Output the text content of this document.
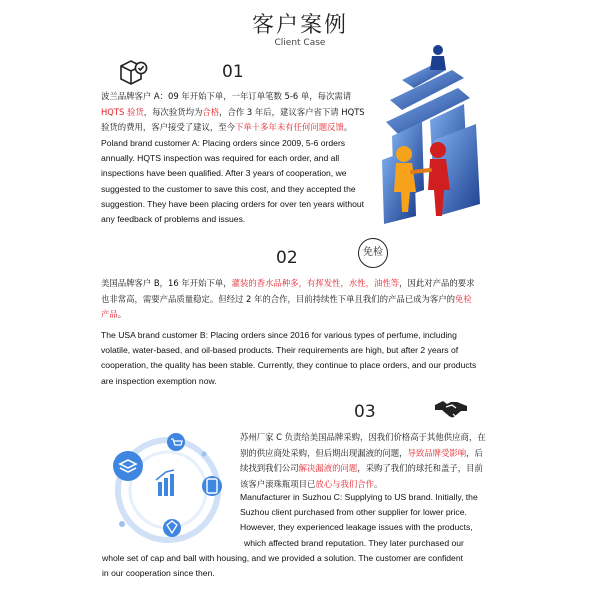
客户案例
Client Case
01
波兰品牌客户 A：09 年开始下单，一年订单笔数 5-6 单，每次需请HQTS 验货，每次验货均为合格，合作 3 年后，建议客户省下请 HQTS验货的费用，客户接受了建议，至今下单十多年未有任何问题反馈。
Poland brand customer A: Placing orders since 2009, 5-6 orders annually. HQTS inspection was required for each order, and all inspections have been qualified. After 3 years of cooperation, we suggested to the customer to save this cost, and they accepted the suggestion. They have been placing orders for over ten years without any feedback of problems and issues.
免检
02
美国品牌客户 B，16 年开始下单，灌装的香水品种多，有挥发性，水性，油性等，因此对产品的要求也非常高，需要产品质量稳定。但经过 2 年的合作，目前持续性下单且我们的产品已成为客户的免检产品。
The USA brand customer B: Placing orders since 2016 for various types of perfume, including volatile, water-based, and oil-based products. Their requirements are high, but after 2 years of cooperation, the quality has been stable. Currently, they continue to place orders, and our products are inspection exemption now.
03
苏州厂家 C 负责给美国品牌采购，因我们价格高于其他供应商，在别的供应商处采购，但后期出现漏液的问题，导致品牌受影响，后续找到我们公司解决漏液的问题，采购了我们的球托和盖子，目前该客户滚珠瓶项目已放心与我们合作。
Manufacturer in Suzhou C: Supplying to US brand. Initially, the
Suzhou client purchased from other supplier for lower price.
However, they experienced leakage issues with the products,
which affected brand reputation. They later purchased our
whole set of cap and ball with housing, and we provided a solution. The customer are confident
in our cooperation since then.
